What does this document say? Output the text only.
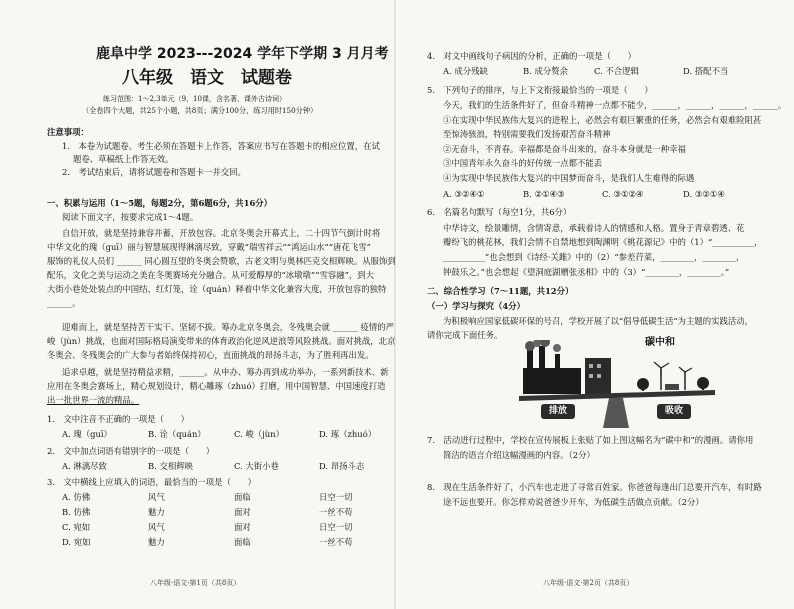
鹿阜中学 2023---2024 学年下学期 3 月月考
八年级　语文　试题卷
练习范围：1～2,3单元（9、10课，含名著、课外古诗词）
（全卷四个大题，共25个小题，共8页；满分100分，练习用时150分钟）
注意事项：
1.　本卷为试题卷。考生必须在答题卡上作答，答案应书写在答题卡的相应位置，在试
题卷、草稿纸上作答无效。
2.　考试结束后，请将试题卷和答题卡一并交回。
一、积累与运用（1～5题，每题2分，第6题6分，共16分）
阅读下面文字，按要求完成1～4题。
自信开放，就是坚持兼容并蓄，开放包容。北京冬奥会开幕式上，二十四节气倒计时将
中华文化的瑰（guī）丽与智慧展现得淋漓尽致，穿戴“瑞雪祥云”“鸿运山水”“唐花飞雪”
服饰的礼仪人员们 ______ 同心圆互望的冬奥会赞歌，古老文明与奥林匹克交相辉映。从服饰到
配乐，文化之美与运动之美在冬奥赛场充分融合。从可爱醇厚的“冰墩墩”“雪容融”，到大
大街小巷处处装点的中国结、红灯笼，诠（quán）释着中华文化兼容大度，开放包容的独特
______。
迎难而上，就是坚持苦干实干、坚韧不拔。筹办北京冬奥会，冬残奥会就 ______ 疫情的严
峻（jùn）挑战，也面对国际格局演变带来的体育政治化逆风逆浪等风险挑战。面对挑战，北京
冬奥会、冬残奥会的广大参与者始终保持初心，直面挑战的昂扬斗志，为了胜利再出发。
追求卓越，就是坚持精益求精，______。从申办、筹办再到成功举办，一系列新技术、新
应用在冬奥会赛场上，精心规划设计，精心雕琢（zhuó）打磨，用中国智慧、中国速度打造
出一批世界一流的精品。
1.　文中注音不正确的一项是（　　）
A. 瑰（guī）	B. 诠（quán）	C. 峻（jùn）	D. 琢（zhuó）
2.　文中加点词语有错别字的一项是（　　）
A. 淋漓尽致	B. 交相辉映	C. 大街小巷	D. 昂扬斗志
3.　文中横线上应填入的词语，最恰当的一项是（　　）
A. 仿佛	风气	面临	日空一切
B. 仿佛	魅力	面对	一丝不苟
C. 宛如	风气	面对	日空一切
D. 宛如	魅力	面临	一丝不苟
八年级·语文·第1页（共8页）
4.　对文中画线句子病因的分析，正确的一项是（　　）
A. 成分残缺	B. 成分赘余	C. 不合逻辑	D. 搭配不当
5.　下列句子的排序，与上下文衔接最恰当的一项是（　　）
今天，我们的生活条件好了，但奋斗精神一点都不能少，______，______，______，______。
①在实现中华民族伟大复兴的进程上，必然会有艰巨繁重的任务，必然会有艰难险阻甚
至惊涛骇浪，特别需要我们发扬艰苦奋斗精神
②无奋斗，不青春。幸福都是奋斗出来的，奋斗本身就是一种幸福
③中国青年永久奋斗的好传统一点都不能丢
④为实现中华民族伟大复兴的中国梦而奋斗，是我们人生难得的际遇
A. ③②④①	B. ②①④③	C. ③①②④	D. ③②①④
6.　名篇名句默写（每空1分，共6分）
中华诗文，绘景雕情，含情寄意，承载着诗人的情感和人格。置身于青章碧透、花
瓣纷飞的桃花林，我们会情不自禁地想到陶渊明《桃花源记》中的（1）“__________，
__________”也会想到《诗经·关雎》中的（2）“参差荇菜，________，________，
钟鼓乐之。”也会想起《望洞庭湖赠张丞相》中的（3）“________，________。”
二、综合性学习（7～11题，共12分）
（一）学习与探究（4分）
为积极响应国家低碳环保的号召，学校开展了以“倡导低碳生活”为主题的实践活动，
请你完成下面任务。
碳中和
排放	吸收
7.　活动进行过程中，学校在宣传展板上张贴了如上图这幅名为“碳中和”的漫画。请你用
简洁的语言介绍这幅漫画的内容。（2分）
8.　现在生活条件好了，小汽车也走进了寻常百姓家。你爸爸每逢出门总要开汽车，有时路
途不远也要开。你怎样劝说爸爸少开车，为低碳生活做点贡献。（2分）
八年级·语文·第2页（共8页）
